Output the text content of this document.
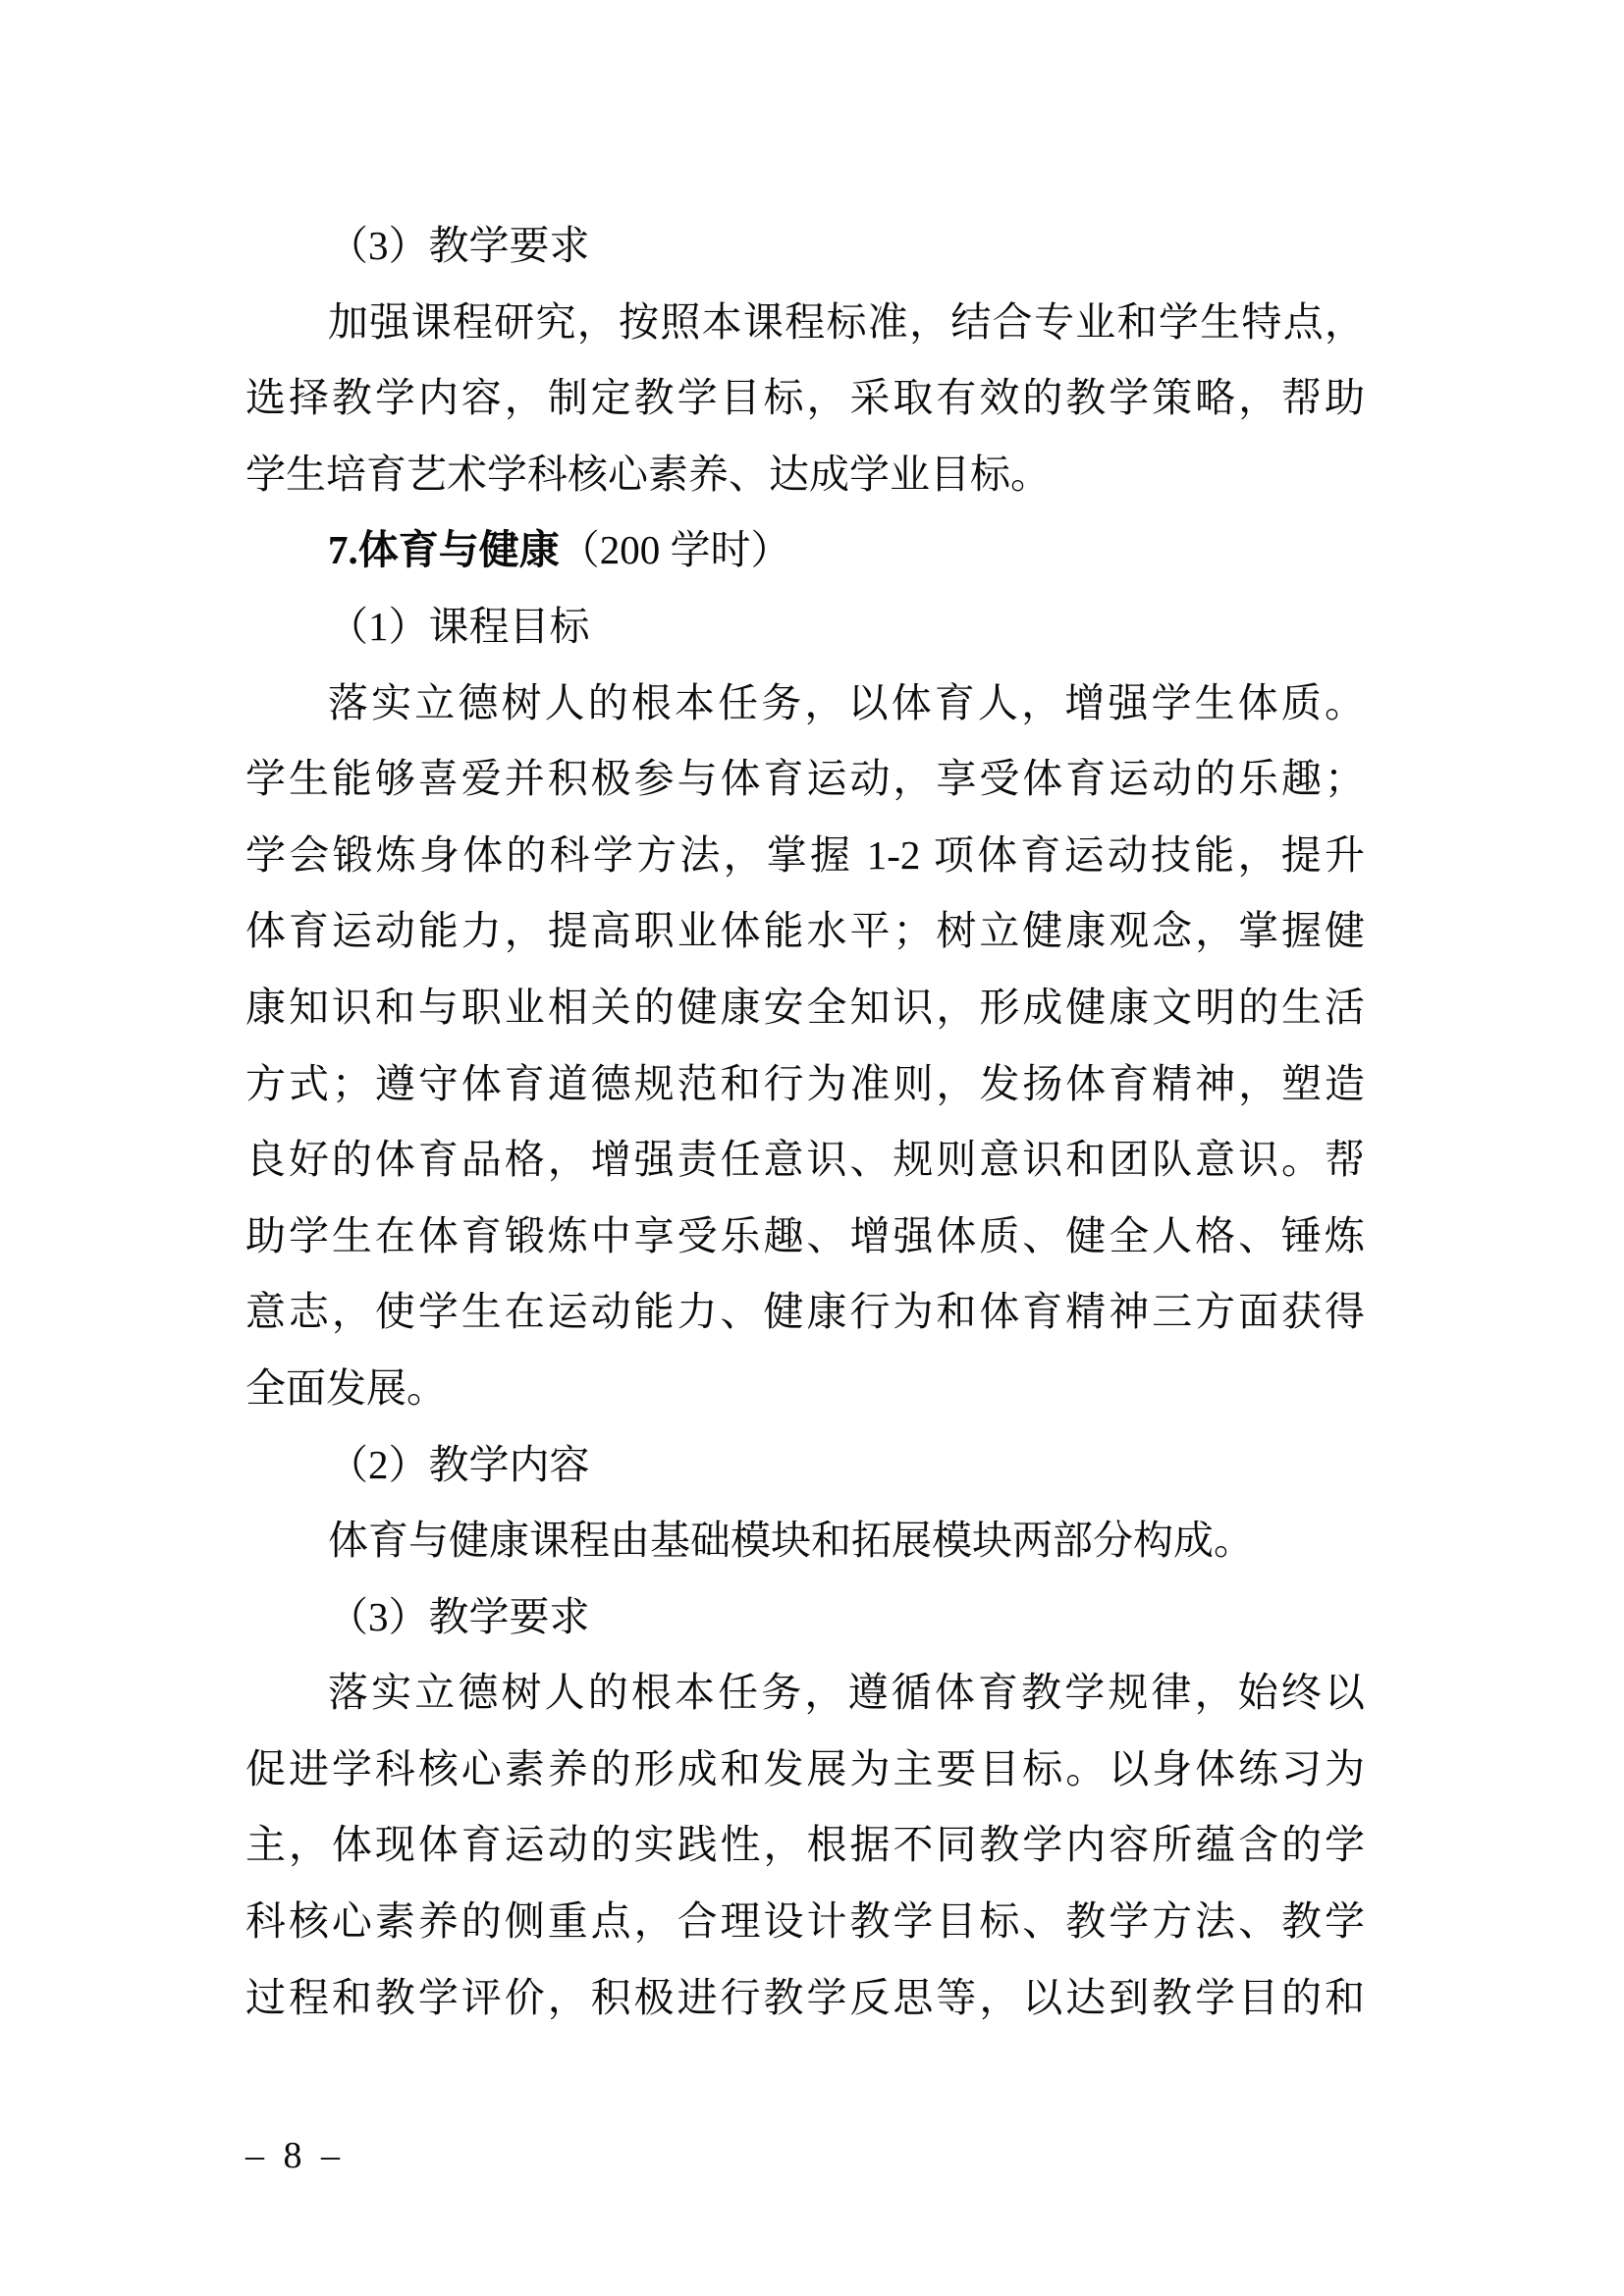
（3）教学要求
加强课程研究，按照本课程标准，结合专业和学生特点，
选择教学内容，制定教学目标，采取有效的教学策略，帮助
学生培育艺术学科核心素养、达成学业目标。
7.体育与健康（200 学时）
（1）课程目标
落实立德树人的根本任务，以体育人，增强学生体质。
学生能够喜爱并积极参与体育运动，享受体育运动的乐趣；
学会锻炼身体的科学方法，掌握 1-2 项体育运动技能，提升
体育运动能力，提高职业体能水平；树立健康观念，掌握健
康知识和与职业相关的健康安全知识，形成健康文明的生活
方式；遵守体育道德规范和行为准则，发扬体育精神，塑造
良好的体育品格，增强责任意识、规则意识和团队意识。帮
助学生在体育锻炼中享受乐趣、增强体质、健全人格、锤炼
意志，使学生在运动能力、健康行为和体育精神三方面获得
全面发展。
（2）教学内容
体育与健康课程由基础模块和拓展模块两部分构成。
（3）教学要求
落实立德树人的根本任务，遵循体育教学规律，始终以
促进学科核心素养的形成和发展为主要目标。以身体练习为
主，体现体育运动的实践性，根据不同教学内容所蕴含的学
科核心素养的侧重点，合理设计教学目标、教学方法、教学
过程和教学评价，积极进行教学反思等，以达到教学目的和
– 8 –
